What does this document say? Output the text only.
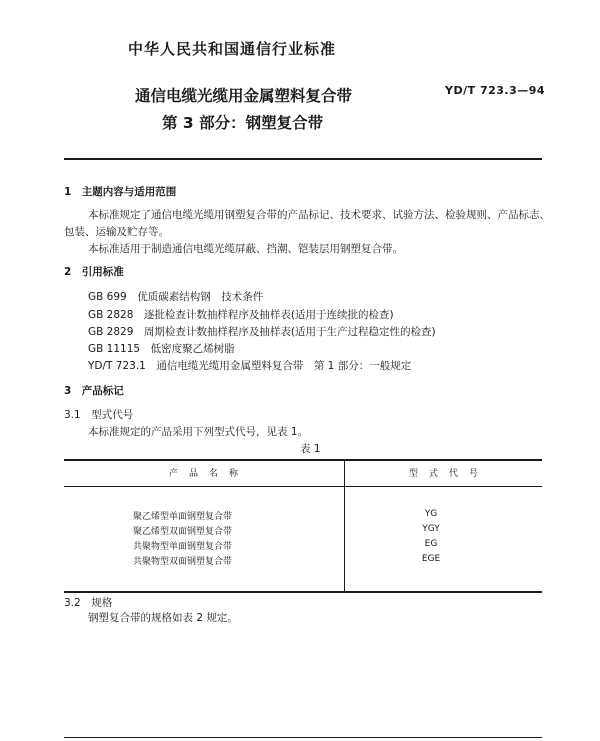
中华人民共和国通信行业标准
通信电缆光缆用金属塑料复合带
第 3 部分：钢塑复合带
YD/T 723.3—94
1　主题内容与适用范围
本标准规定了通信电缆光缆用钢塑复合带的产品标记、技术要求、试验方法、检验规则、产品标志、
包装、运输及贮存等。
本标准适用于制造通信电缆光缆屏蔽、挡潮、铠装层用钢塑复合带。
2　引用标准
GB 699　优质碳素结构钢　技术条件
GB 2828　逐批检查计数抽样程序及抽样表(适用于连续批的检查)
GB 2829　周期检查计数抽样程序及抽样表(适用于生产过程稳定性的检查)
GB 11115　低密度聚乙烯树脂
YD/T 723.1　通信电缆光缆用金属塑料复合带　第 1 部分：一般规定
3　产品标记
3.1　型式代号
本标准规定的产品采用下列型式代号，见表 1。
表 1
产　品　名　称	型　式　代　号
聚乙烯型单面钢塑复合带	YG
聚乙烯型双面钢塑复合带	YGY
共聚物型单面钢塑复合带	EG
共聚物型双面钢塑复合带	EGE
3.2　规格
钢塑复合带的规格如表 2 规定。
